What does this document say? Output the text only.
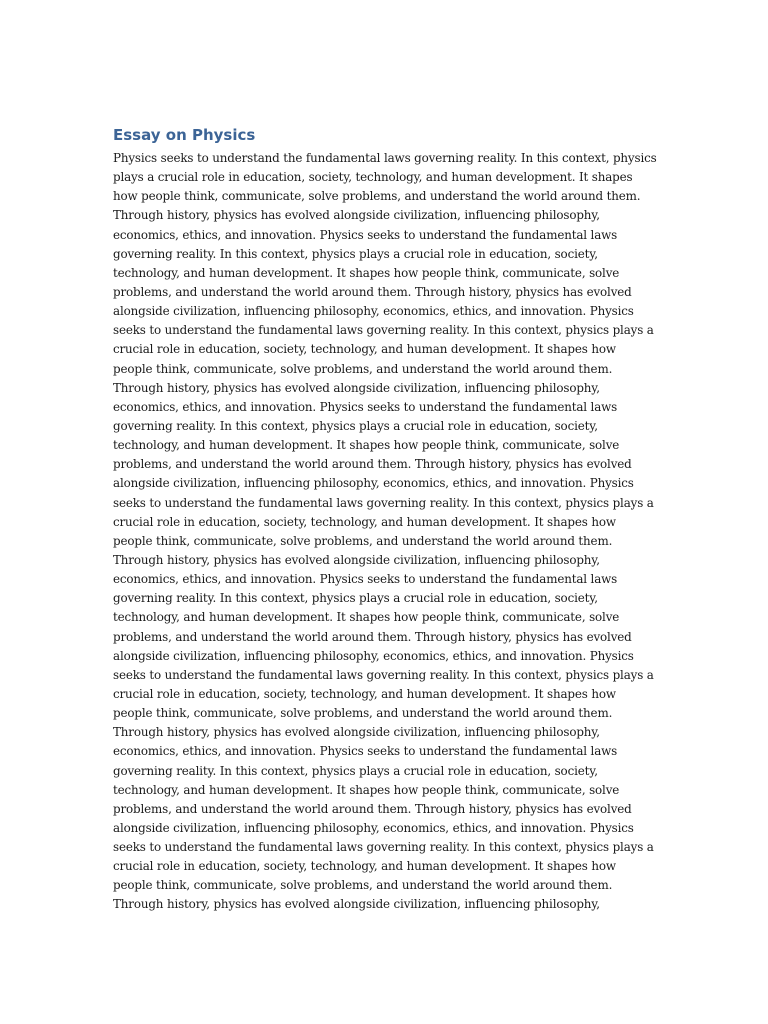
Essay on Physics
Physics seeks to understand the fundamental laws governing reality. In this context, physics
plays a crucial role in education, society, technology, and human development. It shapes
how people think, communicate, solve problems, and understand the world around them.
Through history, physics has evolved alongside civilization, influencing philosophy,
economics, ethics, and innovation. Physics seeks to understand the fundamental laws
governing reality. In this context, physics plays a crucial role in education, society,
technology, and human development. It shapes how people think, communicate, solve
problems, and understand the world around them. Through history, physics has evolved
alongside civilization, influencing philosophy, economics, ethics, and innovation. Physics
seeks to understand the fundamental laws governing reality. In this context, physics plays a
crucial role in education, society, technology, and human development. It shapes how
people think, communicate, solve problems, and understand the world around them.
Through history, physics has evolved alongside civilization, influencing philosophy,
economics, ethics, and innovation. Physics seeks to understand the fundamental laws
governing reality. In this context, physics plays a crucial role in education, society,
technology, and human development. It shapes how people think, communicate, solve
problems, and understand the world around them. Through history, physics has evolved
alongside civilization, influencing philosophy, economics, ethics, and innovation. Physics
seeks to understand the fundamental laws governing reality. In this context, physics plays a
crucial role in education, society, technology, and human development. It shapes how
people think, communicate, solve problems, and understand the world around them.
Through history, physics has evolved alongside civilization, influencing philosophy,
economics, ethics, and innovation. Physics seeks to understand the fundamental laws
governing reality. In this context, physics plays a crucial role in education, society,
technology, and human development. It shapes how people think, communicate, solve
problems, and understand the world around them. Through history, physics has evolved
alongside civilization, influencing philosophy, economics, ethics, and innovation. Physics
seeks to understand the fundamental laws governing reality. In this context, physics plays a
crucial role in education, society, technology, and human development. It shapes how
people think, communicate, solve problems, and understand the world around them.
Through history, physics has evolved alongside civilization, influencing philosophy,
economics, ethics, and innovation. Physics seeks to understand the fundamental laws
governing reality. In this context, physics plays a crucial role in education, society,
technology, and human development. It shapes how people think, communicate, solve
problems, and understand the world around them. Through history, physics has evolved
alongside civilization, influencing philosophy, economics, ethics, and innovation. Physics
seeks to understand the fundamental laws governing reality. In this context, physics plays a
crucial role in education, society, technology, and human development. It shapes how
people think, communicate, solve problems, and understand the world around them.
Through history, physics has evolved alongside civilization, influencing philosophy,
